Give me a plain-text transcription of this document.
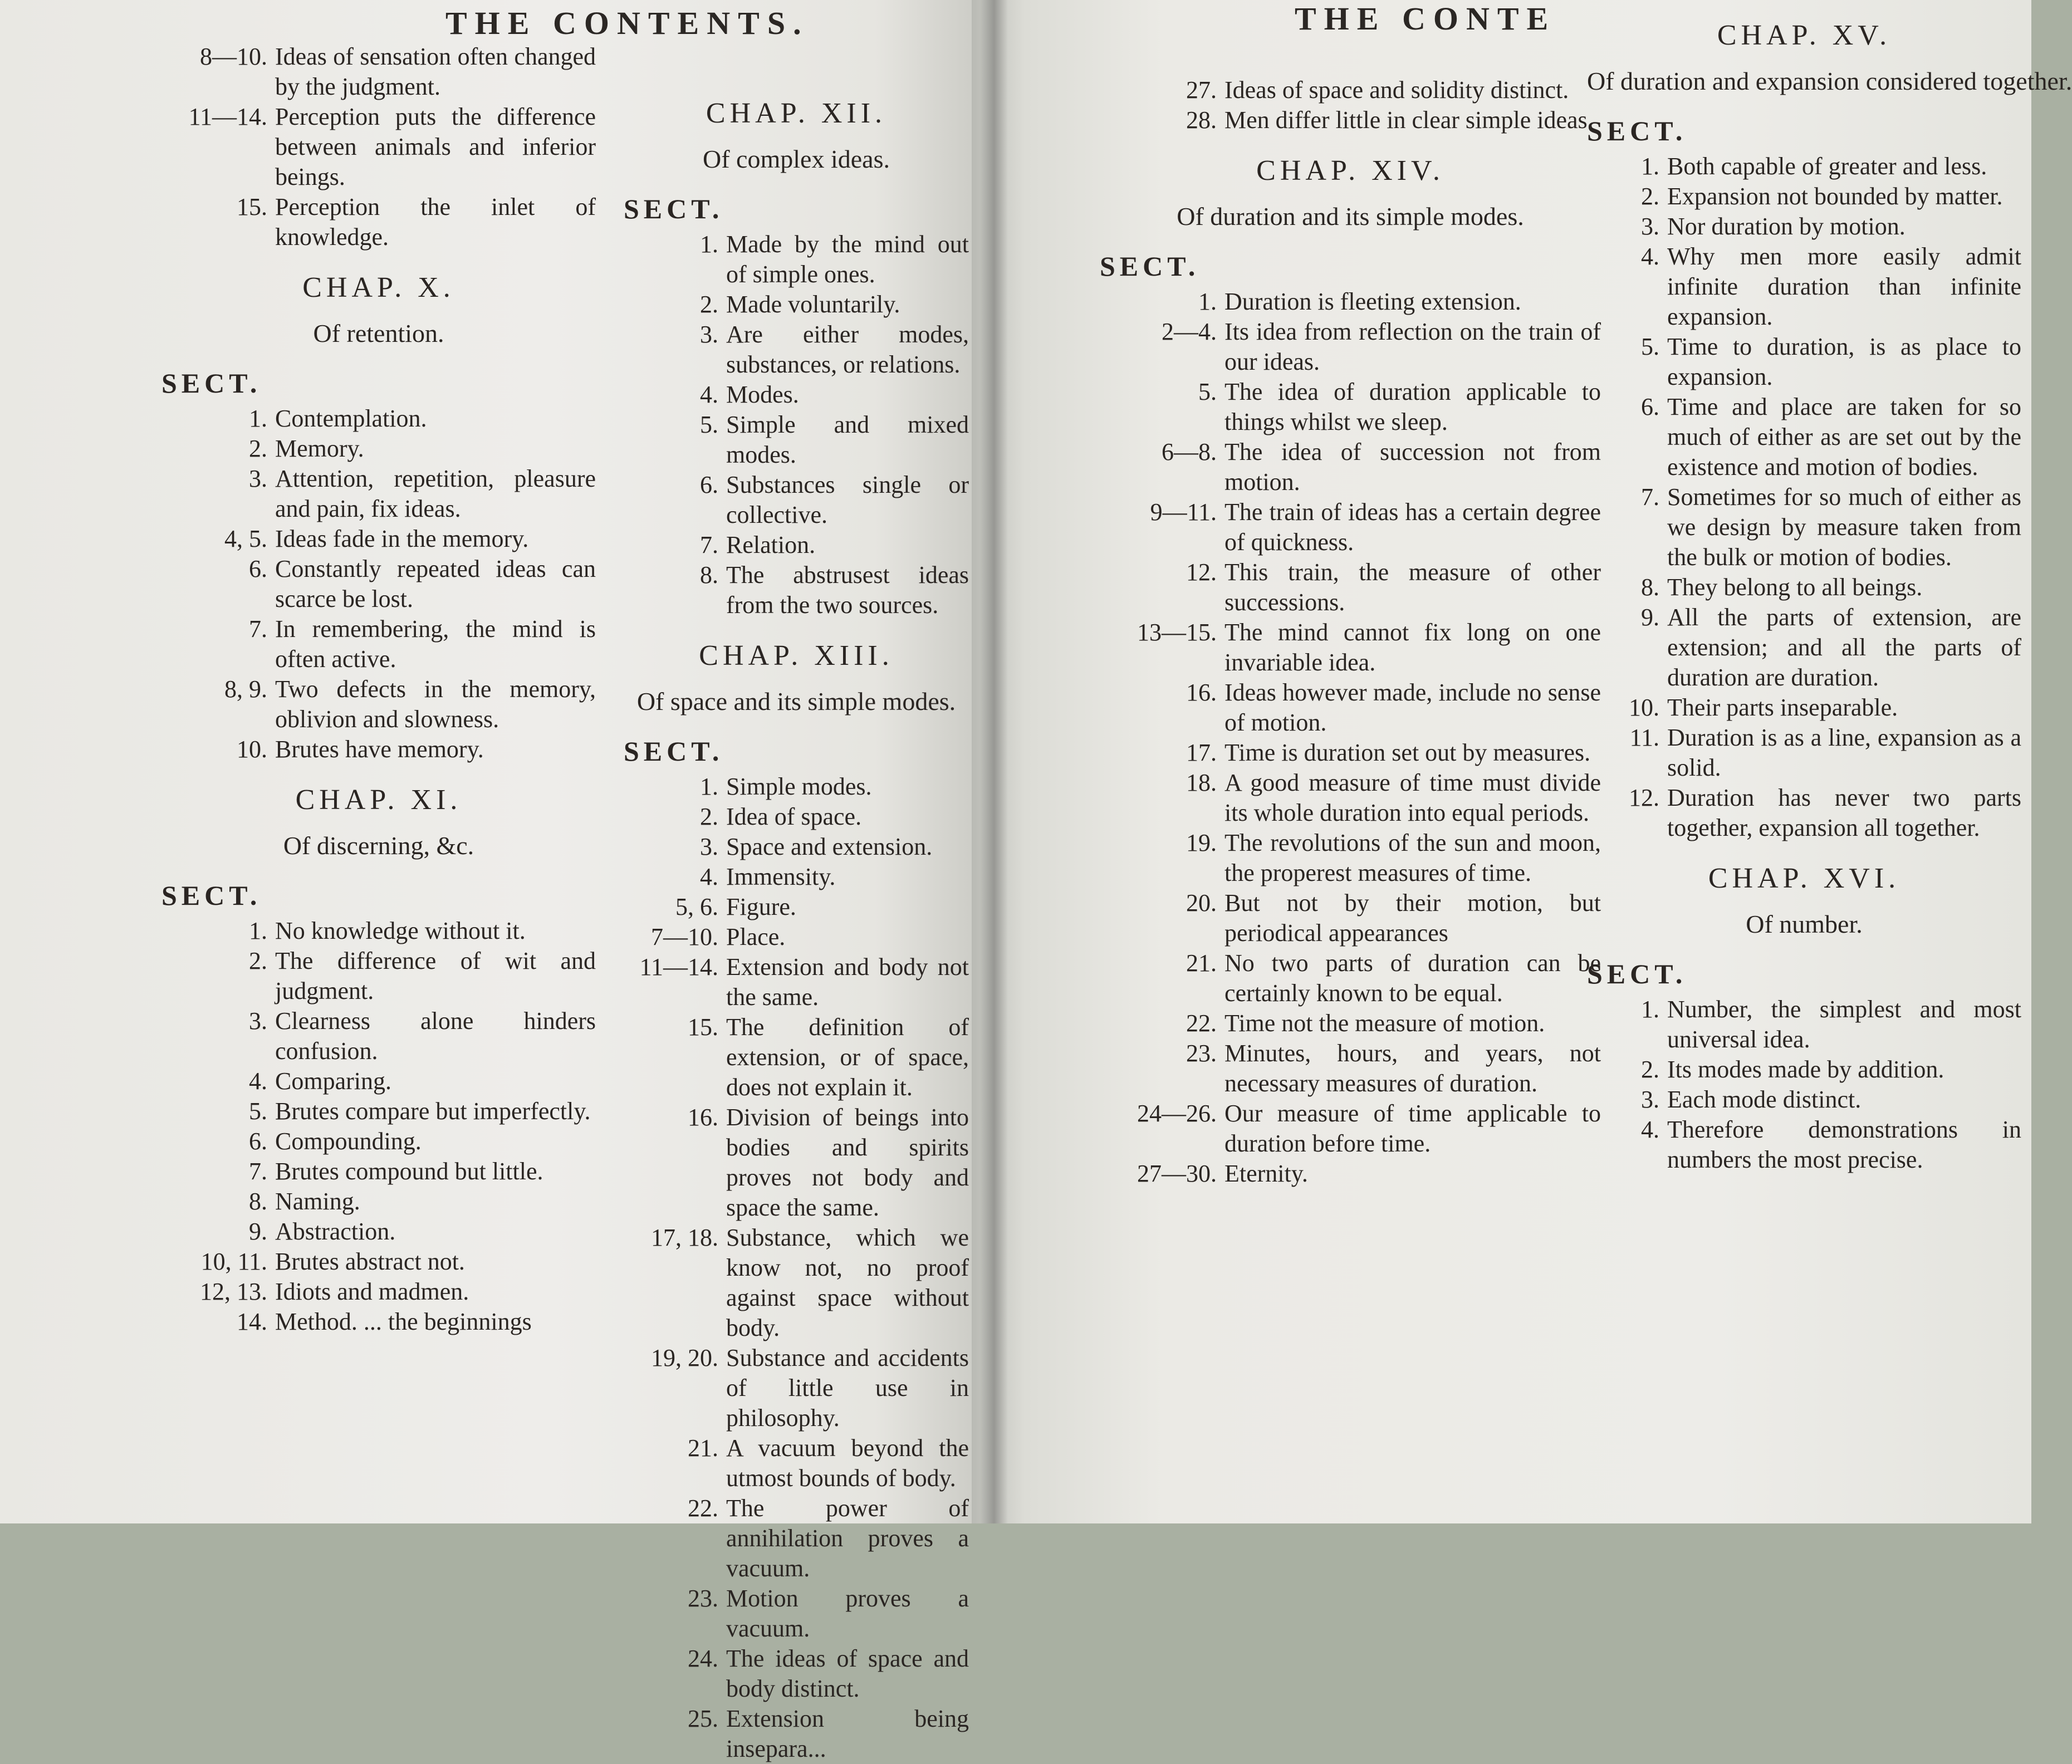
THE CONTENTS.
8—10. Ideas of sensation often changed by the judgment.
11—14. Perception puts the difference between animals and inferior beings.
15. Perception the inlet of knowledge.
CHAP. X.
Of retention.
SECT.
1. Contemplation.
2. Memory.
3. Attention, repetition, pleasure and pain, fix ideas.
4, 5. Ideas fade in the memory.
6. Constantly repeated ideas can scarce be lost.
7. In remembering, the mind is often active.
8, 9. Two defects in the memory, oblivion and slowness.
10. Brutes have memory.
CHAP. XI.
Of discerning, &c.
SECT.
1. No knowledge without it.
2. The difference of wit and judgment.
3. Clearness alone hinders confusion.
4. Comparing.
5. Brutes compare but imperfectly.
6. Compounding.
7. Brutes compound but little.
8. Naming.
9. Abstraction.
10, 11. Brutes abstract not.
12, 13. Idiots and madmen.
14. Method. ... the beginnings
CHAP. XII.
Of complex ideas.
SECT.
1. Made by the mind out of simple ones.
2. Made voluntarily.
3. Are either modes, substances, or relations.
4. Modes.
5. Simple and mixed modes.
6. Substances single or collective.
7. Relation.
8. The abstrusest ideas from the two sources.
CHAP. XIII.
Of space and its simple modes.
SECT.
1. Simple modes.
2. Idea of space.
3. Space and extension.
4. Immensity.
5, 6. Figure.
7—10. Place.
11—14. Extension and body not the same.
15. The definition of extension, or of space, does not explain it.
16. Division of beings into bodies and spirits proves not body and space the same.
17, 18. Substance, which we know not, no proof against space without body.
19, 20. Substance and accidents of little use in philosophy.
21. A vacuum beyond the utmost bounds of body.
22. The power of annihilation proves a vacuum.
23. Motion proves a vacuum.
24. The ideas of space and body distinct.
25. Extension being insepara...
THE CONTE
27. Ideas of space and solidity distinct.
28. Men differ little in clear simple ideas.
CHAP. XIV.
Of duration and its simple modes.
SECT.
1. Duration is fleeting extension.
2—4. Its idea from reflection on the train of our ideas.
5. The idea of duration applicable to things whilst we sleep.
6—8. The idea of succession not from motion.
9—11. The train of ideas has a certain degree of quickness.
12. This train, the measure of other successions.
13—15. The mind cannot fix long on one invariable idea.
16. Ideas however made, include no sense of motion.
17. Time is duration set out by measures.
18. A good measure of time must divide its whole duration into equal periods.
19. The revolutions of the sun and moon, the properest measures of time.
20. But not by their motion, but periodical appearances
21. No two parts of duration can be certainly known to be equal.
22. Time not the measure of motion.
23. Minutes, hours, and years, not necessary measures of duration.
24—26. Our measure of time applicable to duration before time.
27—30. Eternity.
CHAP. XV.
Of duration and expansion considered together.
SECT.
1. Both capable of greater and less.
2. Expansion not bounded by matter.
3. Nor duration by motion.
4. Why men more easily admit infinite duration than infinite expansion.
5. Time to duration, is as place to expansion.
6. Time and place are taken for so much of either as are set out by the existence and motion of bodies.
7. Sometimes for so much of either as we design by measure taken from the bulk or motion of bodies.
8. They belong to all beings.
9. All the parts of extension, are extension; and all the parts of duration are duration.
10. Their parts inseparable.
11. Duration is as a line, expansion as a solid.
12. Duration has never two parts together, expansion all together.
CHAP. XVI.
Of number.
SECT.
1. Number, the simplest and most universal idea.
2. Its modes made by addition.
3. Each mode distinct.
4. Therefore demonstrations in numbers the most precise.
